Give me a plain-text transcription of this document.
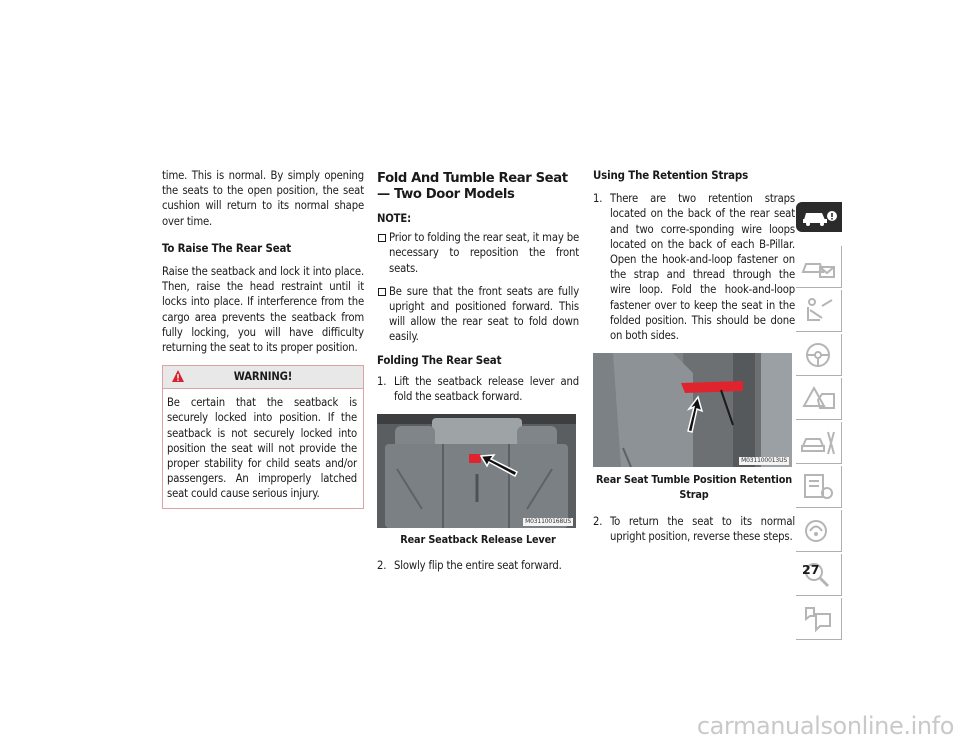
time. This is normal. By simply opening the seats to the open position, the seat cushion will return to its normal shape over time.

To Raise The Rear Seat

Raise the seatback and lock it into place. Then, raise the head restraint until it locks into place. If interference from the cargo area prevents the seatback from fully locking, you will have difficulty returning the seat to its proper position.

WARNING!
Be certain that the seatback is securely locked into position. If the seatback is not securely locked into position the seat will not provide the proper stability for child seats and/or passengers. An improperly latched seat could cause serious injury.
Fold And Tumble Rear Seat — Two Door Models
NOTE:
Prior to folding the rear seat, it may be necessary to reposition the front seats.
Be sure that the front seats are fully upright and positioned forward. This will allow the rear seat to fold down easily.
Folding The Rear Seat
1. Lift the seatback release lever and fold the seatback forward.
M031100168US
Rear Seatback Release Lever
2. Slowly flip the entire seat forward.
Using The Retention Straps
1. There are two retention straps located on the back of the rear seat and two corre-sponding wire loops located on the back of each B-Pillar. Open the hook-and-loop fastener on the strap and thread through the wire loop. Fold the hook-and-loop fastener over to keep the seat in the folded position. This should be done on both sides.
M031100013US
Rear Seat Tumble Position Retention Strap
2. To return the seat to its normal upright position, reverse these steps.
27
carmanualsonline.info
